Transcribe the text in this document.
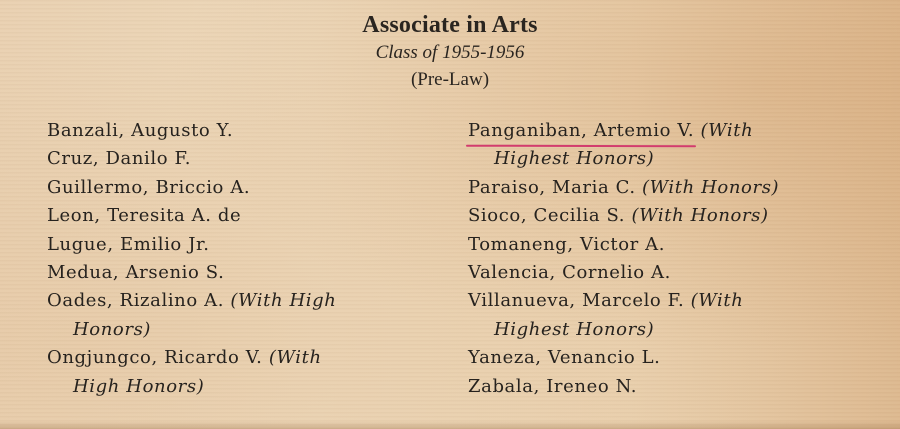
Associate in Arts
Class of 1955-1956
(Pre-Law)
Banzali, Augusto Y.
Cruz, Danilo F.
Guillermo, Briccio A.
Leon, Teresita A. de
Lugue, Emilio Jr.
Medua, Arsenio S.
Oades, Rizalino A. (With High
Honors)
Ongjungco, Ricardo V. (With
High Honors)
Panganiban, Artemio V. (With
Highest Honors)
Paraiso, Maria C. (With Honors)
Sioco, Cecilia S. (With Honors)
Tomaneng, Victor A.
Valencia, Cornelio A.
Villanueva, Marcelo F. (With
Highest Honors)
Yaneza, Venancio L.
Zabala, Ireneo N.
